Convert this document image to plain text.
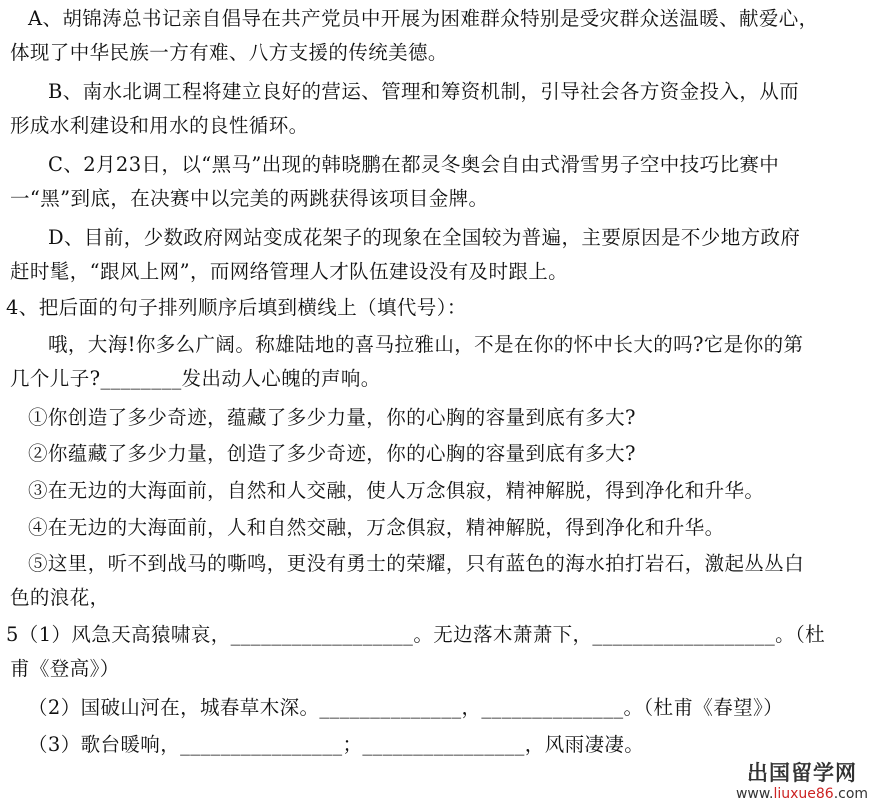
A、胡锦涛总书记亲自倡导在共产党员中开展为困难群众特别是受灾群众送温暖、献爱心，
体现了中华民族一方有难、八方支援的传统美德。
B、南水北调工程将建立良好的营运、管理和筹资机制，引导社会各方资金投入，从而
形成水利建设和用水的良性循环。
C、2月23日，以“黑马”出现的韩晓鹏在都灵冬奥会自由式滑雪男子空中技巧比赛中
一“黑”到底，在决赛中以完美的两跳获得该项目金牌。
D、目前，少数政府网站变成花架子的现象在全国较为普遍，主要原因是不少地方政府
赶时髦，“跟风上网”，而网络管理人才队伍建设没有及时跟上。
4、把后面的句子排列顺序后填到横线上（填代号）：
哦，大海!你多么广阔。称雄陆地的喜马拉雅山，不是在你的怀中长大的吗?它是你的第
几个儿子?________发出动人心魄的声响。
①你创造了多少奇迹，蕴藏了多少力量，你的心胸的容量到底有多大?
②你蕴藏了多少力量，创造了多少奇迹，你的心胸的容量到底有多大?
③在无边的大海面前，自然和人交融，使人万念俱寂，精神解脱，得到净化和升华。
④在无边的大海面前，人和自然交融，万念俱寂，精神解脱，得到净化和升华。
⑤这里，听不到战马的嘶鸣，更没有勇士的荣耀，只有蓝色的海水拍打岩石，激起丛丛白
色的浪花，
5（1）风急天高猿啸哀，__________________。无边落木萧萧下，__________________。（杜
甫《登高》）
（2）国破山河在，城春草木深。______________，______________。（杜甫《春望》）
（3）歌台暖响，________________；________________，风雨凄凄。
出国留学网
www.liuxue86.com
